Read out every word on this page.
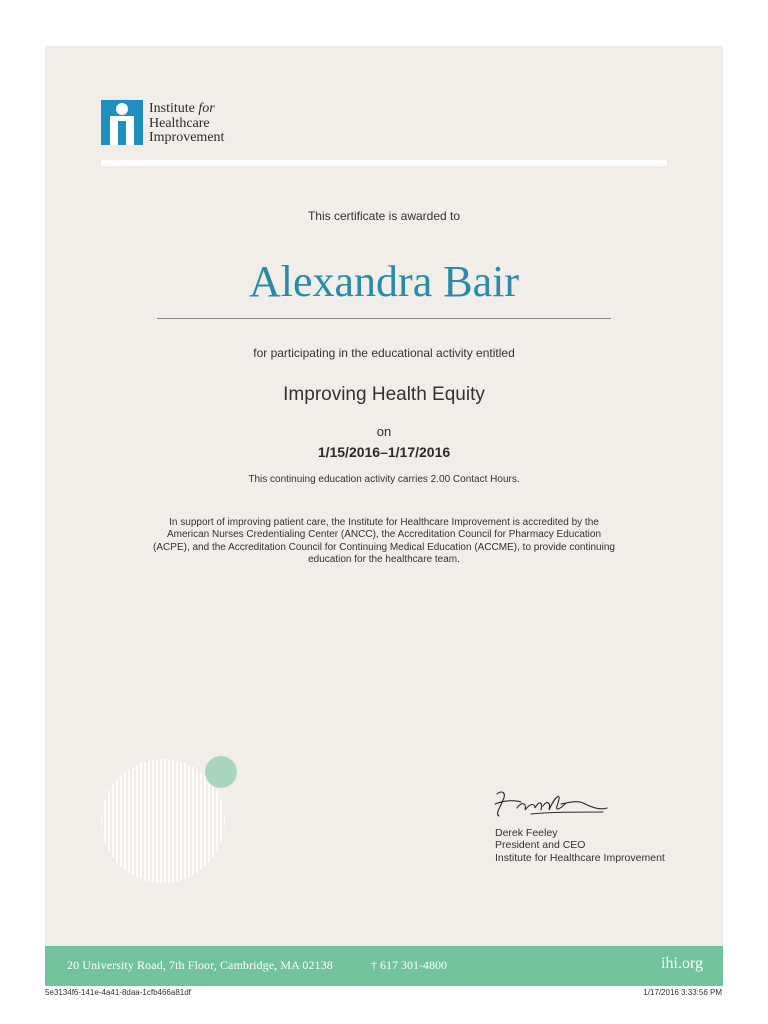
Institute for
Healthcare
Improvement
This certificate is awarded to
Alexandra Bair
for participating in the educational activity entitled
Improving Health Equity
on
1/15/2016–1/17/2016
This continuing education activity carries 2.00 Contact Hours.
In support of improving patient care, the Institute for Healthcare Improvement is accredited by the American Nurses Credentialing Center (ANCC), the Accreditation Council for Pharmacy Education (ACPE), and the Accreditation Council for Continuing Medical Education (ACCME), to provide continuing education for the healthcare team.
Derek Feeley
President and CEO
Institute for Healthcare Improvement
20 University Road, 7th Floor, Cambridge, MA 02138	† 617 301-4800	ihi.org
5e3134f6-141e-4a41-8daa-1cfb466a81df	1/17/2016 3:33:56 PM
